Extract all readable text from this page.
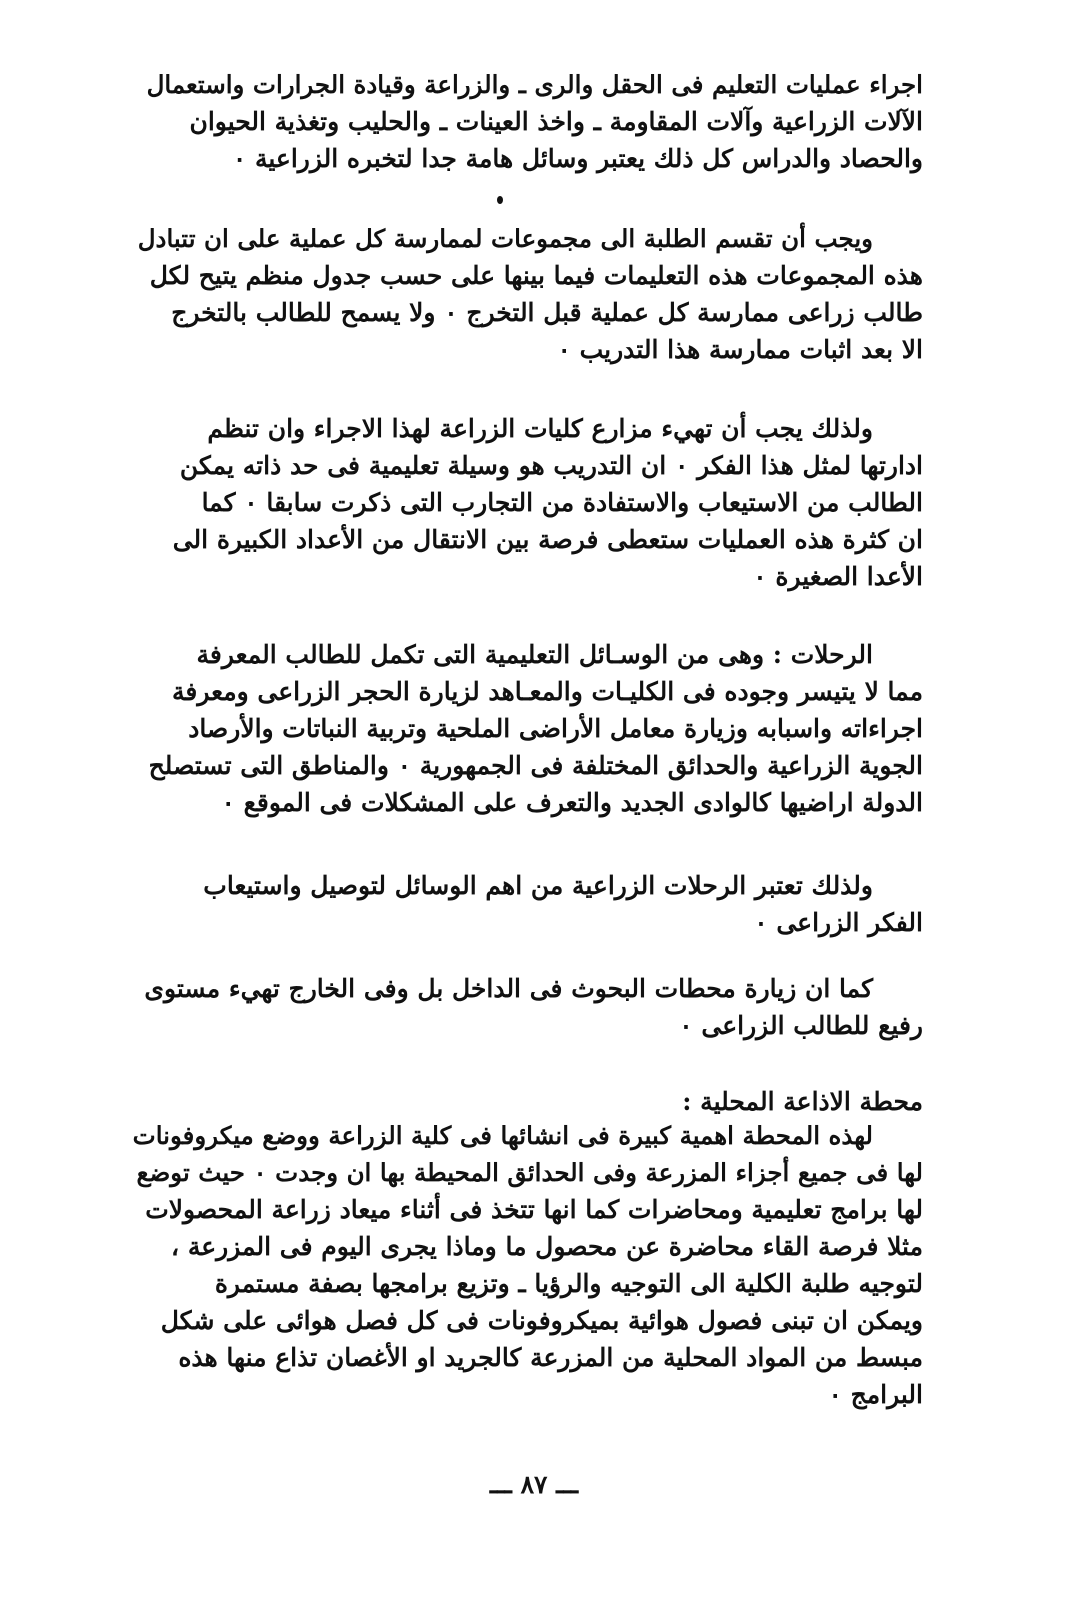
اجراء عمليات التعليم فى الحقل والرى ـ والزراعة وقيادة الجرارات واستعمال
الآلات الزراعية وآلات المقاومة ـ واخذ العينات ـ والحليب وتغذية الحيوان
والحصاد والدراس كل ذلك يعتبر وسائل هامة جدا لتخبره الزراعية ٠
ويجب أن تقسم الطلبة الى مجموعات لممارسة كل عملية على ان تتبادل
هذه المجموعات هذه التعليمات فيما بينها على حسب جدول منظم يتيح لكل
طالب زراعى ممارسة كل عملية قبل التخرج ٠ ولا يسمح للطالب بالتخرج
الا بعد اثبات ممارسة هذا التدريب ٠
ولذلك يجب أن تهيء مزارع كليات الزراعة لهذا الاجراء وان تنظم
ادارتها لمثل هذا الفكر ٠ ان التدريب هو وسيلة تعليمية فى حد ذاته يمكن
الطالب من الاستيعاب والاستفادة من التجارب التى ذكرت سابقا ٠ كما
ان كثرة هذه العمليات ستعطى فرصة بين الانتقال من الأعداد الكبيرة الى
الأعدا الصغيرة ٠
الرحلات : وهى من الوسـائل التعليمية التى تكمل للطالب المعرفة
مما لا يتيسر وجوده فى الكليـات والمعـاهد لزيارة الحجر الزراعى ومعرفة
اجراءاته واسبابه وزيارة معامل الأراضى الملحية وتربية النباتات والأرصاد
الجوية الزراعية والحدائق المختلفة فى الجمهورية ٠ والمناطق التى تستصلح
الدولة اراضيها كالوادى الجديد والتعرف على المشكلات فى الموقع ٠
ولذلك تعتبر الرحلات الزراعية من اهم الوسائل لتوصيل واستيعاب
الفكر الزراعى ٠
كما ان زيارة محطات البحوث فى الداخل بل وفى الخارج تهيء مستوى
رفيع للطالب الزراعى ٠
محطة الاذاعة المحلية :
لهذه المحطة اهمية كبيرة فى انشائها فى كلية الزراعة ووضع ميكروفونات
لها فى جميع أجزاء المزرعة وفى الحدائق المحيطة بها ان وجدت ٠ حيث توضع
لها برامج تعليمية ومحاضرات كما انها تتخذ فى أثناء ميعاد زراعة المحصولات
مثلا فرصة القاء محاضرة عن محصول ما وماذا يجرى اليوم فى المزرعة ،
لتوجيه طلبة الكلية الى التوجيه والرؤيا ـ وتزيع برامجها بصفة مستمرة
ويمكن ان تبنى فصول هوائية بميكروفونات فى كل فصل هوائى على شكل
مبسط من المواد المحلية من المزرعة كالجريد او الأغصان تذاع منها هذه
البرامج ٠
ـــ ٨٧ ـــ
